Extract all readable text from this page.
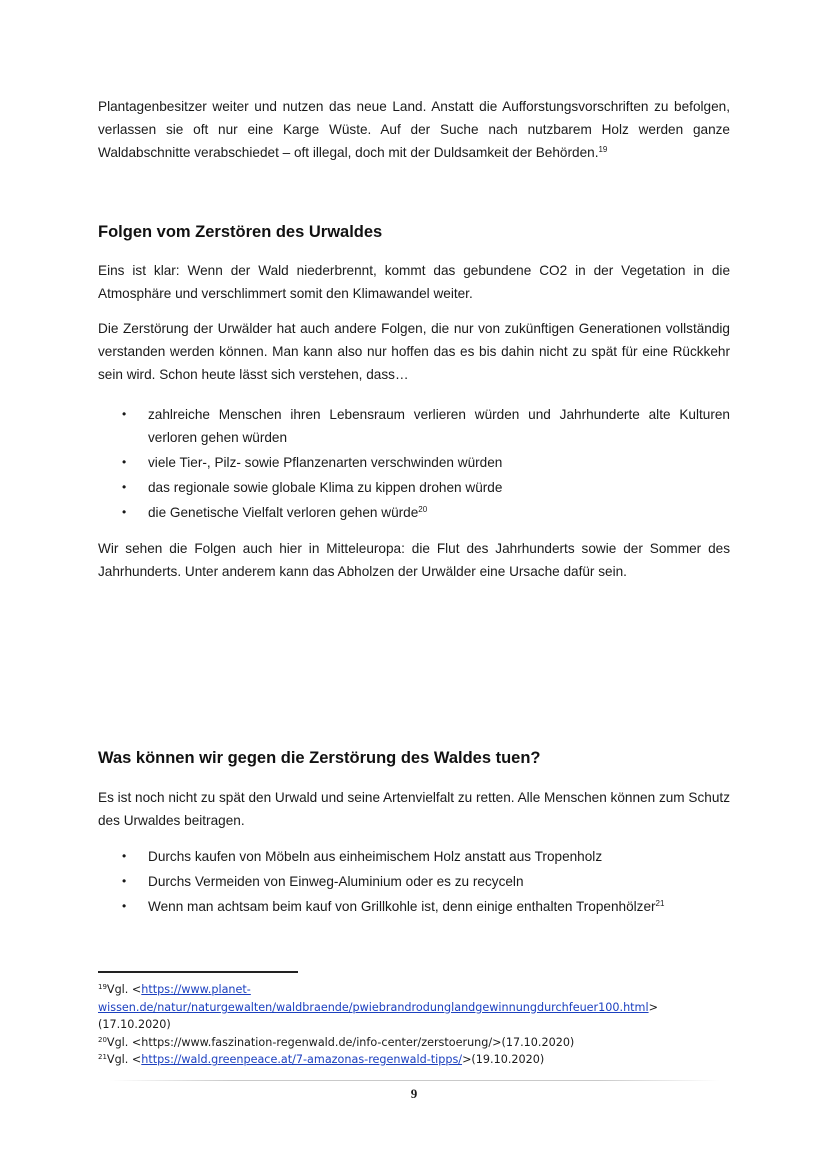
Plantagenbesitzer weiter und nutzen das neue Land. Anstatt die Aufforstungsvorschriften zu befolgen, verlassen sie oft nur eine Karge Wüste. Auf der Suche nach nutzbarem Holz werden ganze Waldabschnitte verabschiedet – oft illegal, doch mit der Duldsamkeit der Behörden.$^{19}$

Folgen vom Zerstören des Urwaldes

Eins ist klar: Wenn der Wald niederbrennt, kommt das gebundene CO2 in der Vegetation in die Atmosphäre und verschlimmert somit den Klimawandel weiter.

Die Zerstörung der Urwälder hat auch andere Folgen, die nur von zukünftigen Generationen vollständig verstanden werden können. Man kann also nur hoffen das es bis dahin nicht zu spät für eine Rückkehr sein wird. Schon heute lässt sich verstehen, dass…

• zahlreiche Menschen ihren Lebensraum verlieren würden und Jahrhunderte alte Kulturen verloren gehen würden
• viele Tier-, Pilz- sowie Pflanzenarten verschwinden würden
• das regionale sowie globale Klima zu kippen drohen würde
• die Genetische Vielfalt verloren gehen würde$^{20}$

Wir sehen die Folgen auch hier in Mitteleuropa: die Flut des Jahrhunderts sowie der Sommer des Jahrhunderts. Unter anderem kann das Abholzen der Urwälder eine Ursache dafür sein.

Was können wir gegen die Zerstörung des Waldes tuen?

Es ist noch nicht zu spät den Urwald und seine Artenvielfalt zu retten. Alle Menschen können zum Schutz des Urwaldes beitragen.

• Durchs kaufen von Möbeln aus einheimischem Holz anstatt aus Tropenholz
• Durchs Vermeiden von Einweg-Aluminium oder es zu recyceln
• Wenn man achtsam beim kauf von Grillkohle ist, denn einige enthalten Tropenhölzer$^{21}$
$^{19}$Vgl. <https://www.planet-
wissen.de/natur/naturgewalten/waldbraende/pwiebrandrodunglandgewinnungdurchfeuer100.html>
(17.10.2020)
$^{20}$Vgl. <https://www.faszination-regenwald.de/info-center/zerstoerung/>(17.10.2020)
$^{21}$Vgl. <https://wald.greenpeace.at/7-amazonas-regenwald-tipps/>(19.10.2020)
9
